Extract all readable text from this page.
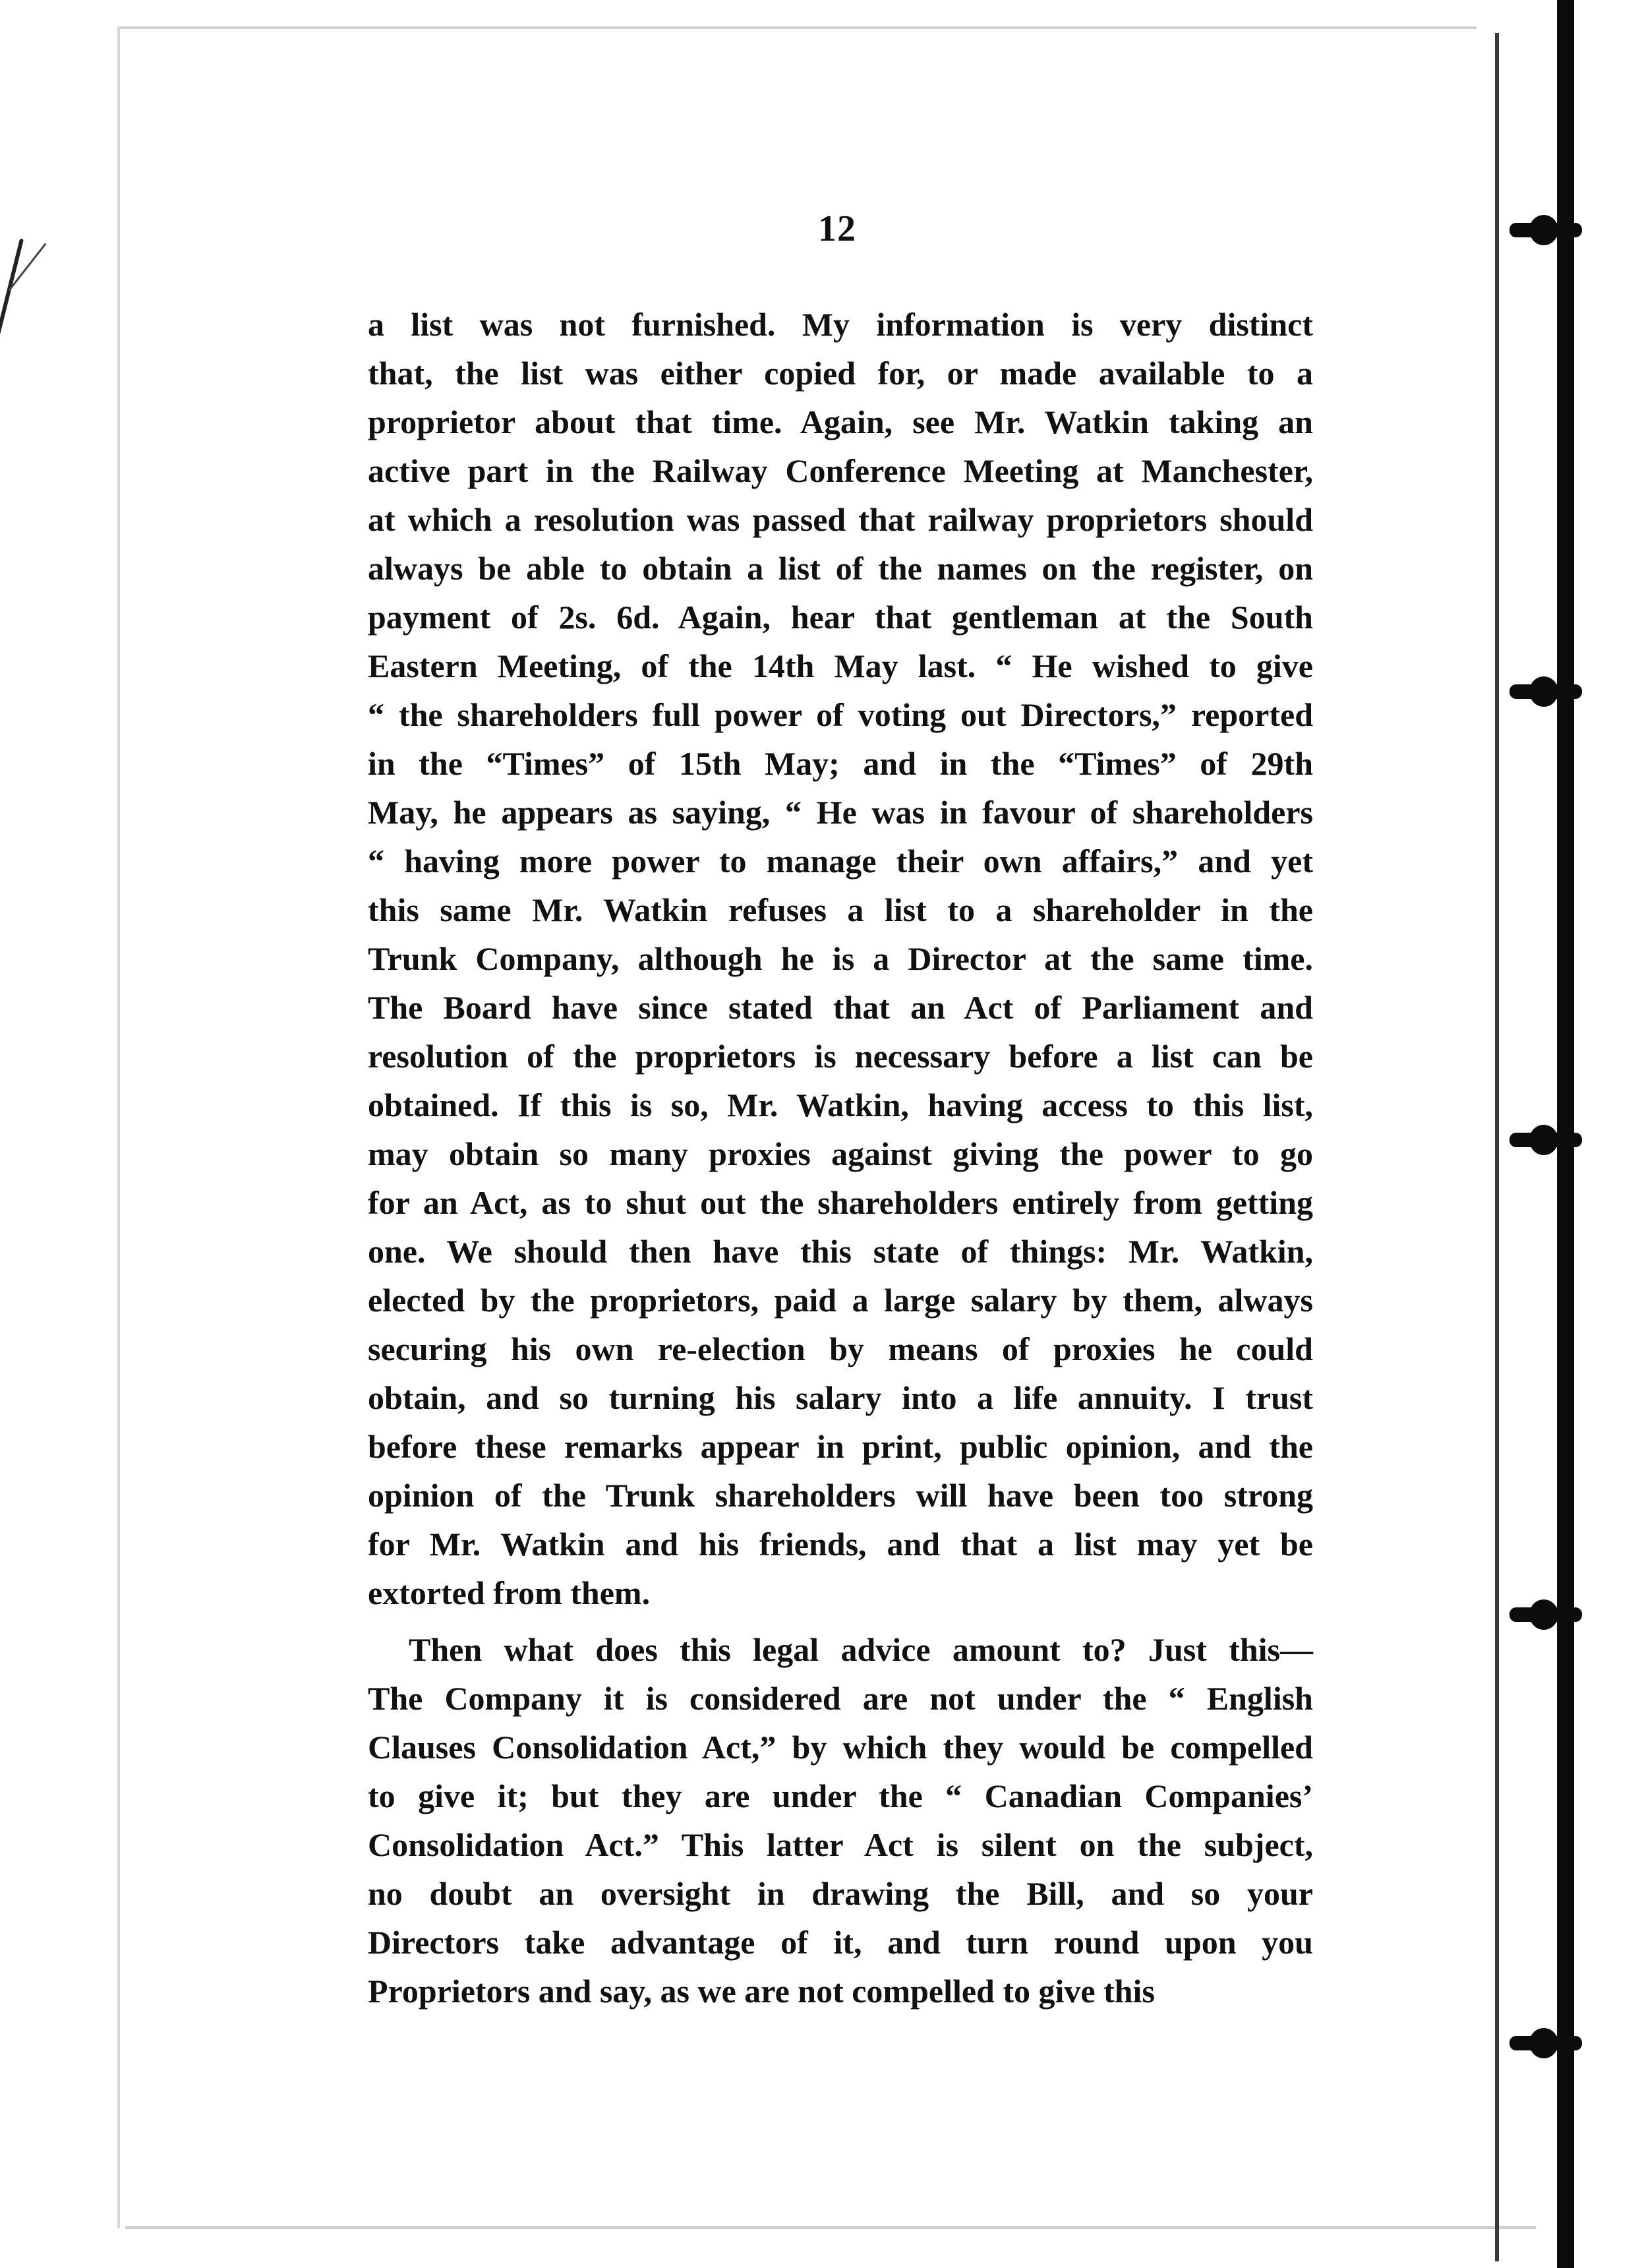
12
a list was not furnished. My information is very distinct
that, the list was either copied for, or made available to a
proprietor about that time. Again, see Mr. Watkin taking an
active part in the Railway Conference Meeting at Manchester,
at which a resolution was passed that railway proprietors should
always be able to obtain a list of the names on the register, on
payment of 2s. 6d. Again, hear that gentleman at the South
Eastern Meeting, of the 14th May last. “ He wished to give
“ the shareholders full power of voting out Directors,” reported
in the “Times” of 15th May; and in the “Times” of 29th
May, he appears as saying, “ He was in favour of shareholders
“ having more power to manage their own affairs,” and yet
this same Mr. Watkin refuses a list to a shareholder in the
Trunk Company, although he is a Director at the same time.
The Board have since stated that an Act of Parliament and
resolution of the proprietors is necessary before a list can be
obtained. If this is so, Mr. Watkin, having access to this list,
may obtain so many proxies against giving the power to go
for an Act, as to shut out the shareholders entirely from getting
one. We should then have this state of things: Mr. Watkin,
elected by the proprietors, paid a large salary by them, always
securing his own re-election by means of proxies he could
obtain, and so turning his salary into a life annuity. I trust
before these remarks appear in print, public opinion, and the
opinion of the Trunk shareholders will have been too strong
for Mr. Watkin and his friends, and that a list may yet be
extorted from them.
Then what does this legal advice amount to? Just this—
The Company it is considered are not under the “ English
Clauses Consolidation Act,” by which they would be compelled
to give it; but they are under the “ Canadian Companies’
Consolidation Act.” This latter Act is silent on the subject,
no doubt an oversight in drawing the Bill, and so your
Directors take advantage of it, and turn round upon you
Proprietors and say, as we are not compelled to give this
